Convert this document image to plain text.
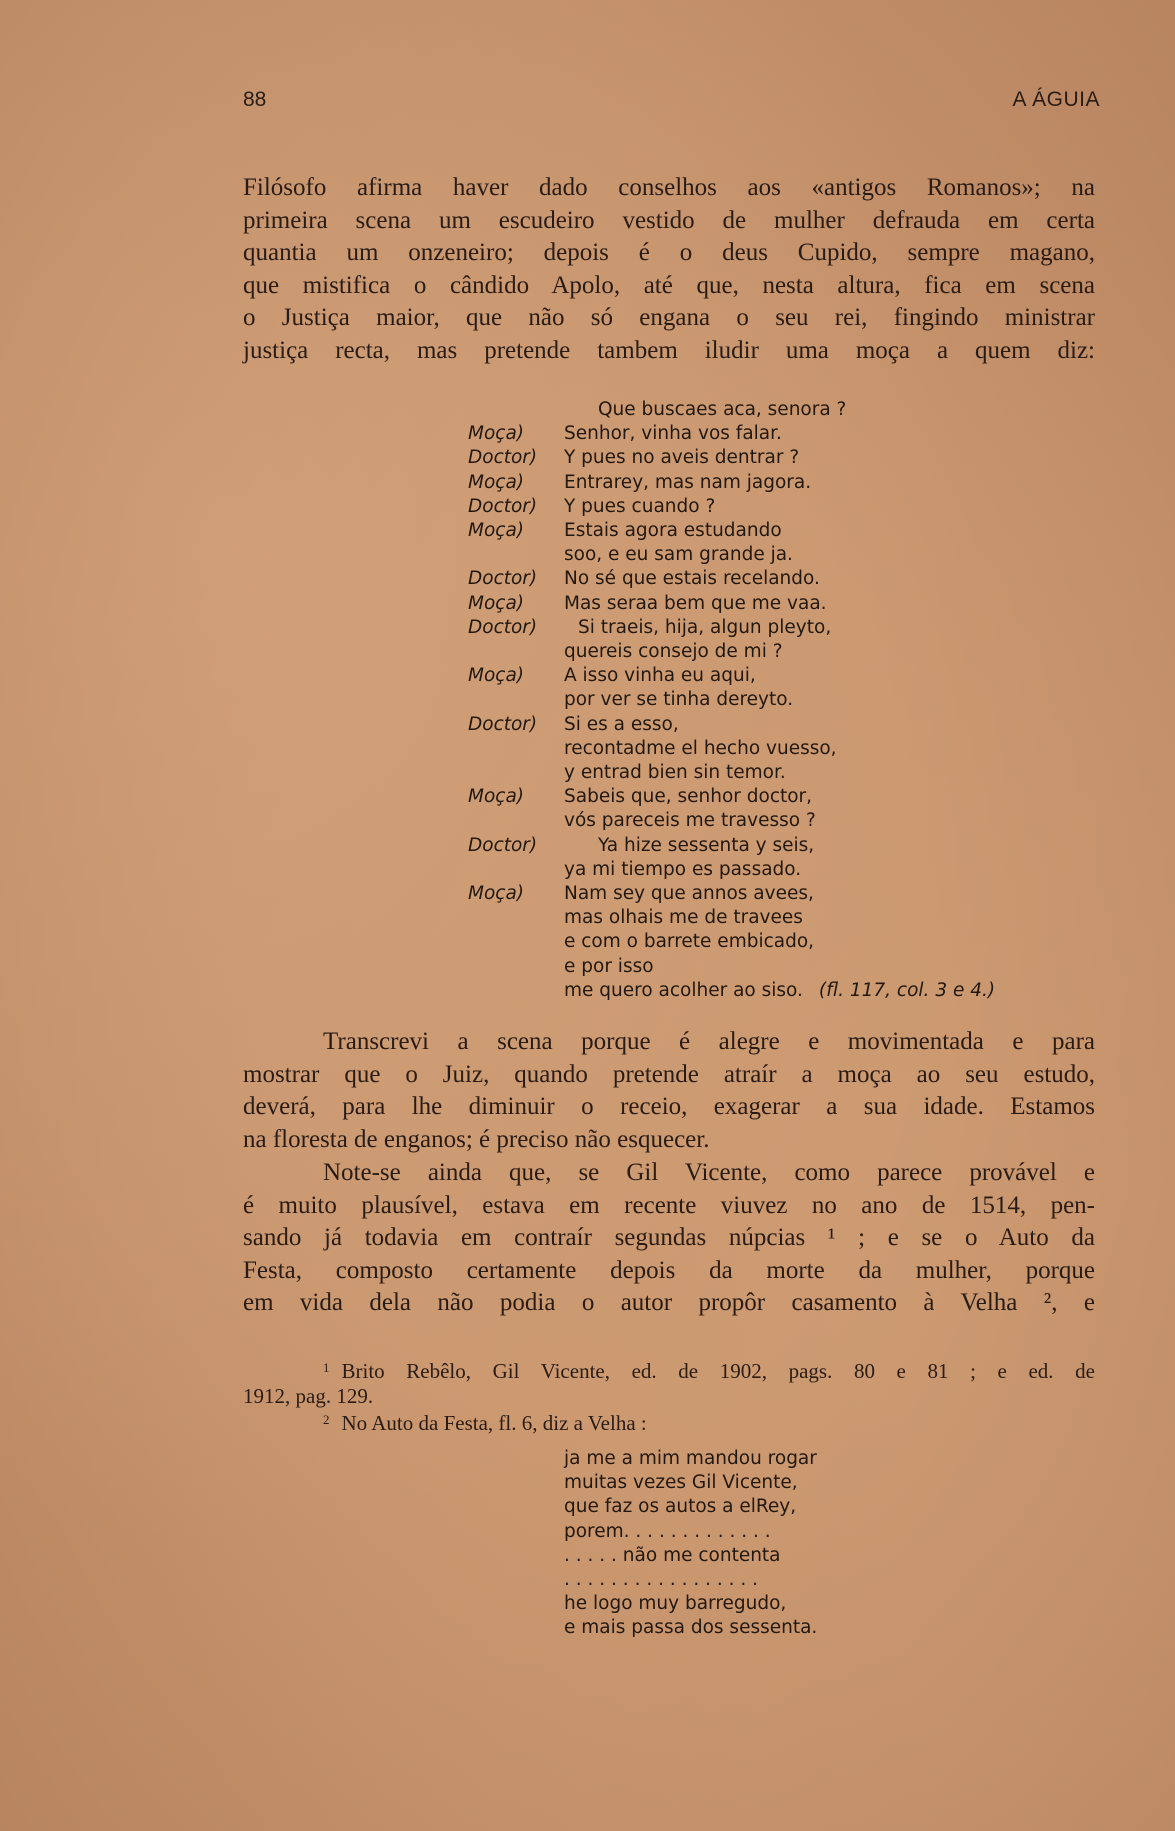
88	A ÁGUIA

Filósofo afirma haver dado conselhos aos «antigos Romanos»; na

primeira scena um escudeiro vestido de mulher defrauda em certa

quantia um onzeneiro; depois é o deus Cupido, sempre magano,

que mistifica o cândido Apolo, até que, nesta altura, fica em scena

o Justiça maior, que não só engana o seu rei, fingindo ministrar

justiça recta, mas pretende tambem iludir uma moça a quem diz:

Que buscaes aca, senora ?
Moça)	Senhor, vinha vos falar.
Doctor)	Y pues no aveis dentrar ?
Moça)	Entrarey, mas nam jagora.
Doctor)	Y pues cuando ?
Moça)	Estais agora estudando
soo, e eu sam grande ja.
Doctor)	No sé que estais recelando.
Moça)	Mas seraa bem que me vaa.
Doctor)	Si traeis, hija, algun pleyto,
quereis consejo de mi ?
Moça)	A isso vinha eu aqui,
por ver se tinha dereyto.
Doctor)	Si es a esso,
recontadme el hecho vuesso,
y entrad bien sin temor.
Moça)	Sabeis que, senhor doctor,
vós pareceis me travesso ?
Doctor)	Ya hize sessenta y seis,
ya mi tiempo es passado.
Moça)	Nam sey que annos avees,
mas olhais me de travees
e com o barrete embicado,
e por isso
me quero acolher ao siso. (fl. 117, col. 3 e 4.)

Transcrevi a scena porque é alegre e movimentada e para

mostrar que o Juiz, quando pretende atraír a moça ao seu estudo,

deverá, para lhe diminuir o receio, exagerar a sua idade. Estamos

na floresta de enganos; é preciso não esquecer.

Note-se ainda que, se Gil Vicente, como parece provável e

é muito plausível, estava em recente viuvez no ano de 1514, pen-

sando já todavia em contraír segundas núpcias ¹ ; e se o Auto da

Festa, composto certamente depois da morte da mulher, porque

em vida dela não podia o autor propôr casamento à Velha ², e

$^1$ Brito Rebêlo, Gil Vicente, ed. de 1902, pags. 80 e 81 ; e ed. de

1912, pag. 129.

$^2$ No Auto da Festa, fl. 6, diz a Velha :

ja me a mim mandou rogar
muitas vezes Gil Vicente,
que faz os autos a elRey,
porem. . . . . . . . . . . . .
. . . . . não me contenta
. . . . . . . . . . . . . . . . .
he logo muy barregudo,
e mais passa dos sessenta.
